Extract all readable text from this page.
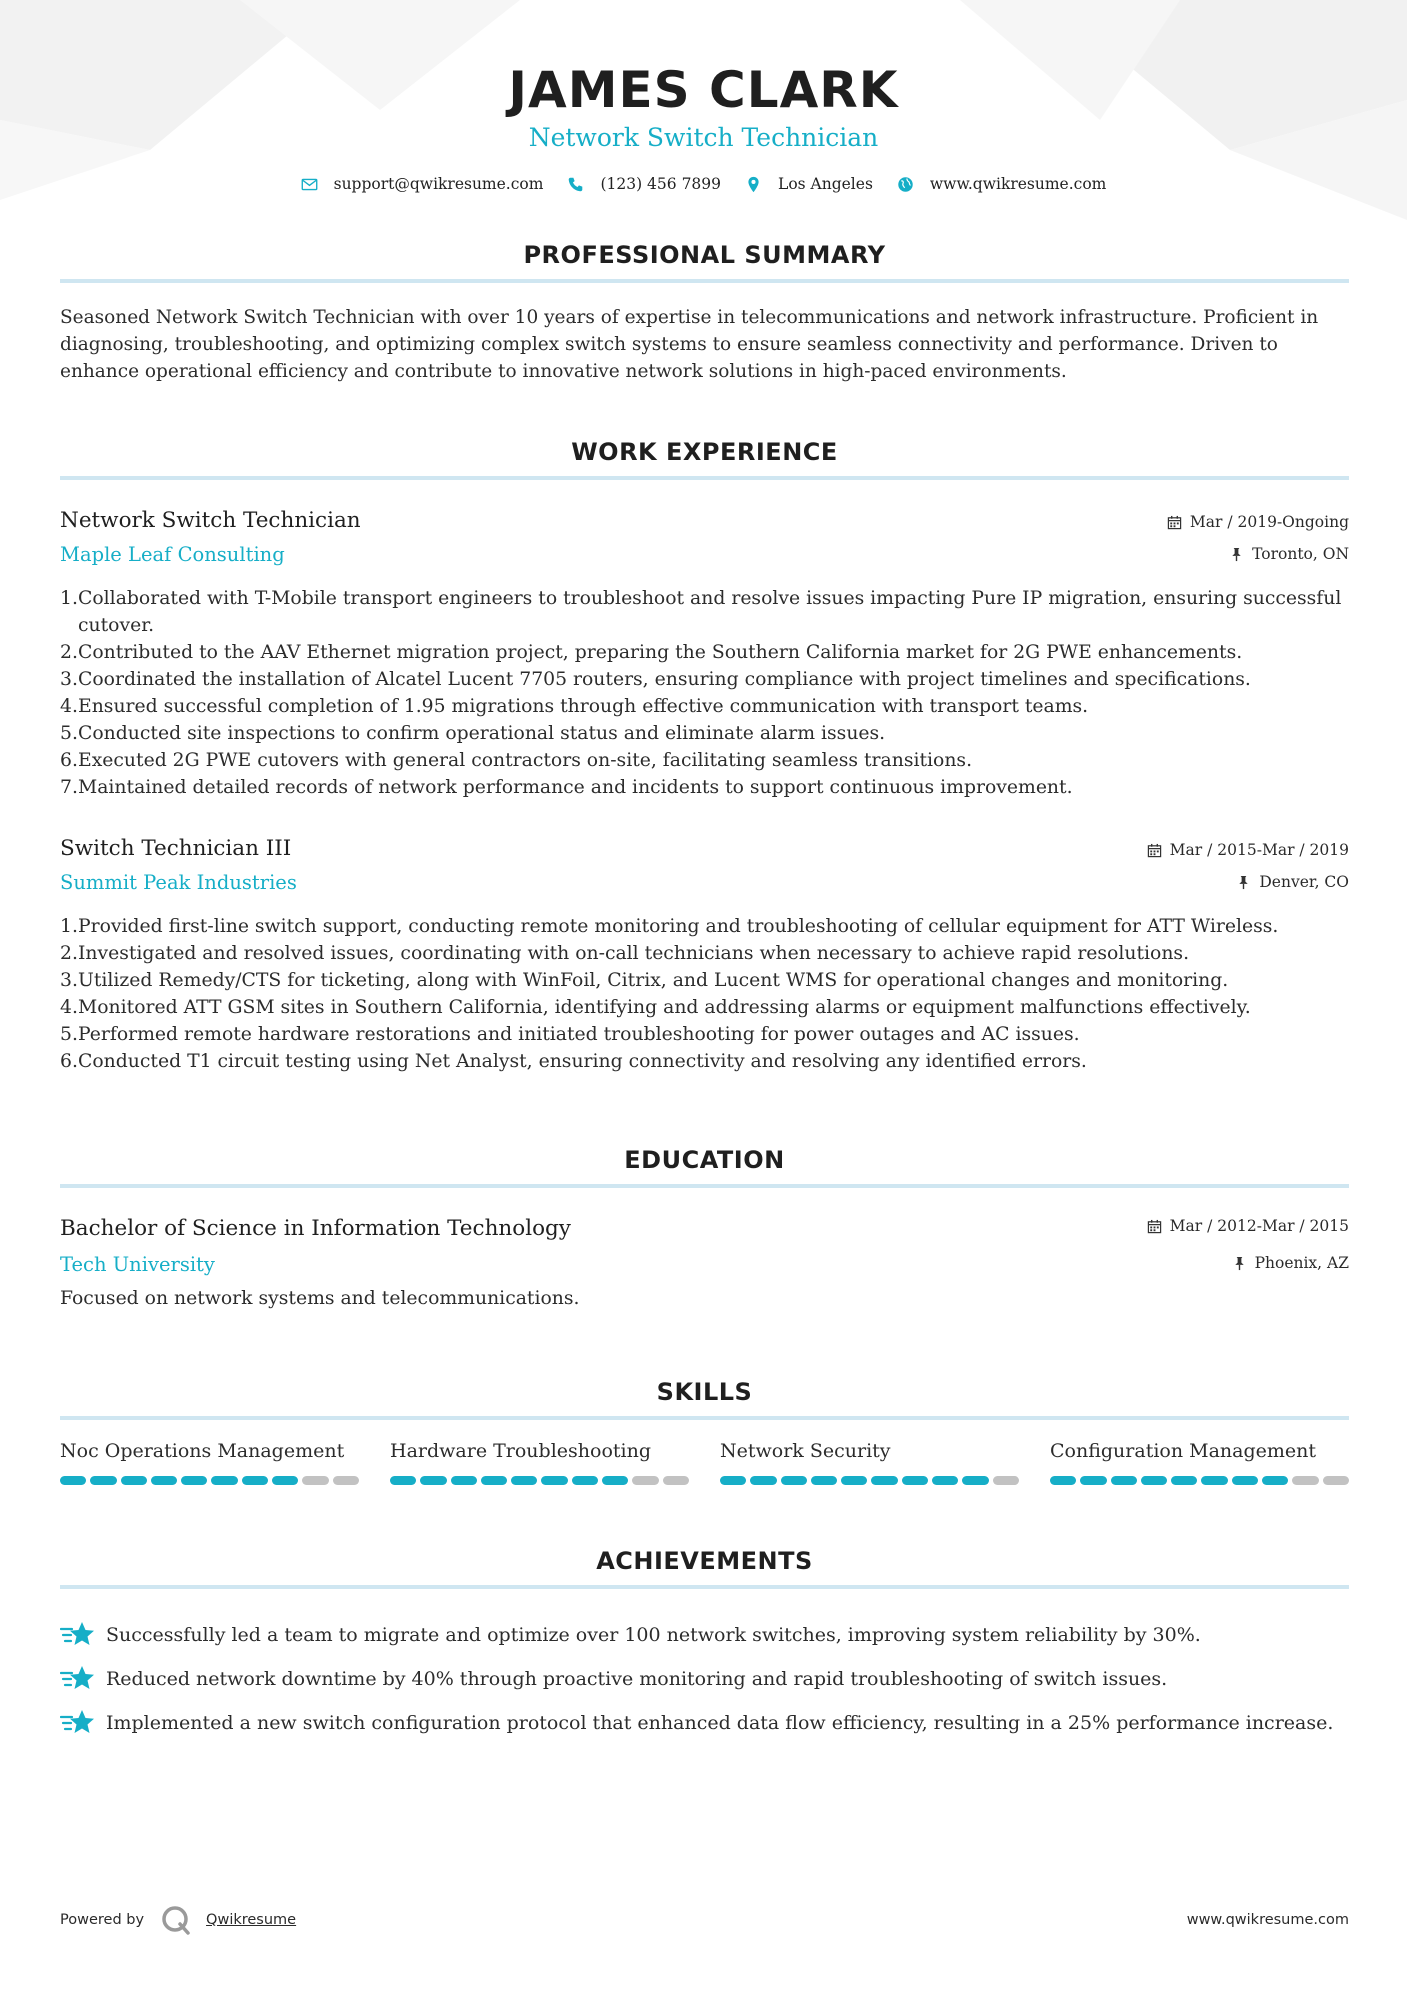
JAMES CLARK
Network Switch Technician
support@qwikresume.com	(123) 456 7899	Los Angeles	www.qwikresume.com
PROFESSIONAL SUMMARY
Seasoned Network Switch Technician with over 10 years of expertise in telecommunications and network infrastructure. Proficient in diagnosing, troubleshooting, and optimizing complex switch systems to ensure seamless connectivity and performance. Driven to enhance operational efficiency and contribute to innovative network solutions in high-paced environments.
WORK EXPERIENCE
Network Switch Technician
Maple Leaf Consulting
Mar / 2019-Ongoing
Toronto, ON
1. Collaborated with T-Mobile transport engineers to troubleshoot and resolve issues impacting Pure IP migration, ensuring successful cutover.
2. Contributed to the AAV Ethernet migration project, preparing the Southern California market for 2G PWE enhancements.
3. Coordinated the installation of Alcatel Lucent 7705 routers, ensuring compliance with project timelines and specifications.
4. Ensured successful completion of 1.95 migrations through effective communication with transport teams.
5. Conducted site inspections to confirm operational status and eliminate alarm issues.
6. Executed 2G PWE cutovers with general contractors on-site, facilitating seamless transitions.
7. Maintained detailed records of network performance and incidents to support continuous improvement.
Switch Technician III
Summit Peak Industries
Mar / 2015-Mar / 2019
Denver, CO
1. Provided first-line switch support, conducting remote monitoring and troubleshooting of cellular equipment for ATT Wireless.
2. Investigated and resolved issues, coordinating with on-call technicians when necessary to achieve rapid resolutions.
3. Utilized Remedy/CTS for ticketing, along with WinFoil, Citrix, and Lucent WMS for operational changes and monitoring.
4. Monitored ATT GSM sites in Southern California, identifying and addressing alarms or equipment malfunctions effectively.
5. Performed remote hardware restorations and initiated troubleshooting for power outages and AC issues.
6. Conducted T1 circuit testing using Net Analyst, ensuring connectivity and resolving any identified errors.
EDUCATION
Bachelor of Science in Information Technology
Tech University
Mar / 2012-Mar / 2015
Phoenix, AZ
Focused on network systems and telecommunications.
SKILLS
Noc Operations Management	Hardware Troubleshooting	Network Security	Configuration Management
ACHIEVEMENTS
Successfully led a team to migrate and optimize over 100 network switches, improving system reliability by 30%.
Reduced network downtime by 40% through proactive monitoring and rapid troubleshooting of switch issues.
Implemented a new switch configuration protocol that enhanced data flow efficiency, resulting in a 25% performance increase.
Powered by	Qwikresume	www.qwikresume.com
